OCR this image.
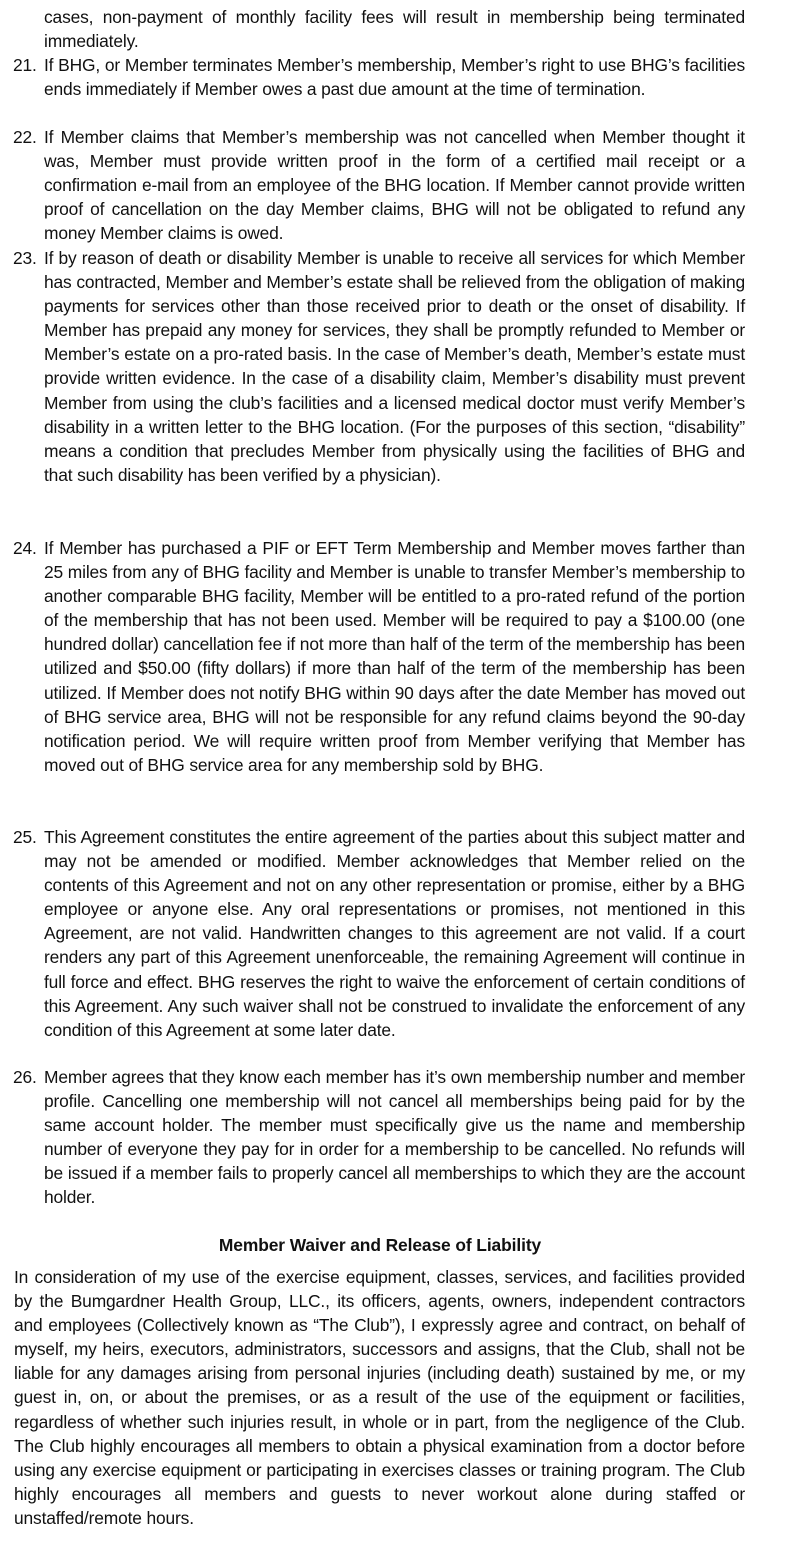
cases, non-payment of monthly facility fees will result in membership being terminated immediately.

21. If BHG, or Member terminates Member’s membership, Member’s right to use BHG’s facilities ends immediately if Member owes a past due amount at the time of termination.

22. If Member claims that Member’s membership was not cancelled when Member thought it was, Member must provide written proof in the form of a certified mail receipt or a confirmation e-mail from an employee of the BHG location. If Member cannot provide written proof of cancellation on the day Member claims, BHG will not be obligated to refund any money Member claims is owed.

23. If by reason of death or disability Member is unable to receive all services for which Member has contracted, Member and Member’s estate shall be relieved from the obligation of making payments for services other than those received prior to death or the onset of disability. If Member has prepaid any money for services, they shall be promptly refunded to Member or Member’s estate on a pro-rated basis. In the case of Member’s death, Member’s estate must provide written evidence. In the case of a disability claim, Member’s disability must prevent Member from using the club’s facilities and a licensed medical doctor must verify Member’s disability in a written letter to the BHG location. (For the purposes of this section, “disability” means a condition that precludes Member from physically using the facilities of BHG and that such disability has been verified by a physician).

24. If Member has purchased a PIF or EFT Term Membership and Member moves farther than 25 miles from any of BHG facility and Member is unable to transfer Member’s membership to another comparable BHG facility, Member will be entitled to a pro-rated refund of the portion of the membership that has not been used. Member will be required to pay a $100.00 (one hundred dollar) cancellation fee if not more than half of the term of the membership has been utilized and $50.00 (fifty dollars) if more than half of the term of the membership has been utilized. If Member does not notify BHG within 90 days after the date Member has moved out of BHG service area, BHG will not be responsible for any refund claims beyond the 90-day notification period. We will require written proof from Member verifying that Member has moved out of BHG service area for any membership sold by BHG.

25. This Agreement constitutes the entire agreement of the parties about this subject matter and may not be amended or modified. Member acknowledges that Member relied on the contents of this Agreement and not on any other representation or promise, either by a BHG employee or anyone else. Any oral representations or promises, not mentioned in this Agreement, are not valid. Handwritten changes to this agreement are not valid. If a court renders any part of this Agreement unenforceable, the remaining Agreement will continue in full force and effect. BHG reserves the right to waive the enforcement of certain conditions of this Agreement. Any such waiver shall not be construed to invalidate the enforcement of any condition of this Agreement at some later date.

26. Member agrees that they know each member has it’s own membership number and member profile. Cancelling one membership will not cancel all memberships being paid for by the same account holder. The member must specifically give us the name and membership number of everyone they pay for in order for a membership to be cancelled. No refunds will be issued if a member fails to properly cancel all memberships to which they are the account holder.

Member Waiver and Release of Liability

In consideration of my use of the exercise equipment, classes, services, and facilities provided by the Bumgardner Health Group, LLC., its officers, agents, owners, independent contractors and employees (Collectively known as “The Club”), I expressly agree and contract, on behalf of myself, my heirs, executors, administrators, successors and assigns, that the Club, shall not be liable for any damages arising from personal injuries (including death) sustained by me, or my guest in, on, or about the premises, or as a result of the use of the equipment or facilities, regardless of whether such injuries result, in whole or in part, from the negligence of the Club. The Club highly encourages all members to obtain a physical examination from a doctor before using any exercise equipment or participating in exercises classes or training program. The Club highly encourages all members and guests to never workout alone during staffed or unstaffed/remote hours.
